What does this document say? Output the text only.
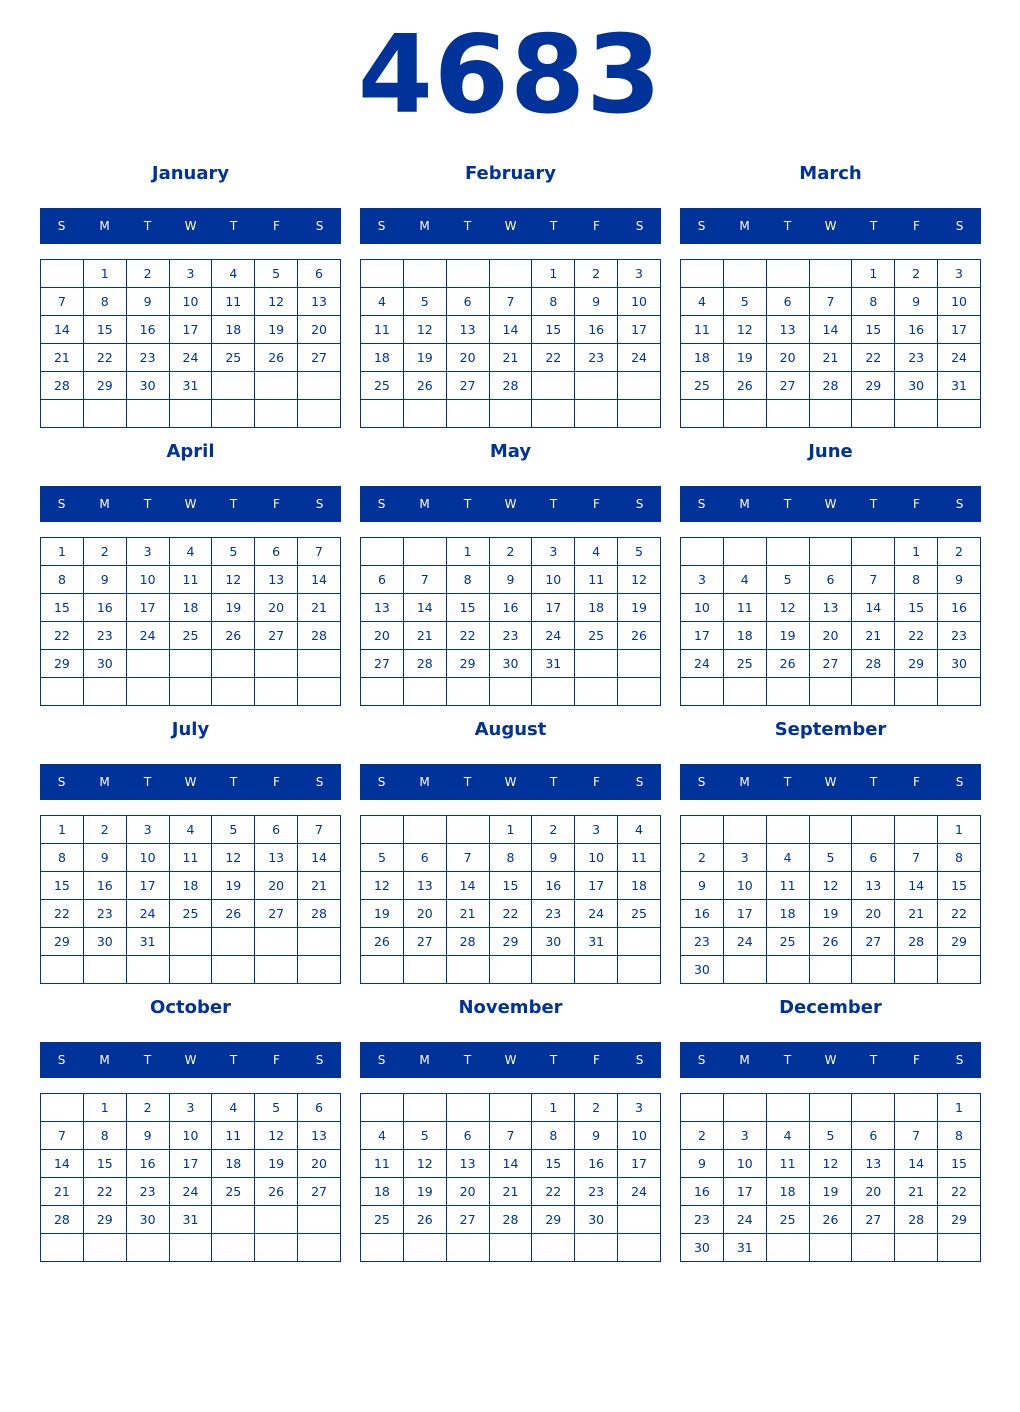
4683
January
S	M	T	W	T	F	S
	1	2	3	4	5	6
7	8	9	10	11	12	13
14	15	16	17	18	19	20
21	22	23	24	25	26	27
28	29	30	31			

February
S	M	T	W	T	F	S
				1	2	3
4	5	6	7	8	9	10
11	12	13	14	15	16	17
18	19	20	21	22	23	24
25	26	27	28			

March
S	M	T	W	T	F	S
				1	2	3
4	5	6	7	8	9	10
11	12	13	14	15	16	17
18	19	20	21	22	23	24
25	26	27	28	29	30	31

April
S	M	T	W	T	F	S
1	2	3	4	5	6	7
8	9	10	11	12	13	14
15	16	17	18	19	20	21
22	23	24	25	26	27	28
29	30					

May
S	M	T	W	T	F	S
		1	2	3	4	5
6	7	8	9	10	11	12
13	14	15	16	17	18	19
20	21	22	23	24	25	26
27	28	29	30	31		

June
S	M	T	W	T	F	S
					1	2
3	4	5	6	7	8	9
10	11	12	13	14	15	16
17	18	19	20	21	22	23
24	25	26	27	28	29	30

July
S	M	T	W	T	F	S
1	2	3	4	5	6	7
8	9	10	11	12	13	14
15	16	17	18	19	20	21
22	23	24	25	26	27	28
29	30	31				

August
S	M	T	W	T	F	S
			1	2	3	4
5	6	7	8	9	10	11
12	13	14	15	16	17	18
19	20	21	22	23	24	25
26	27	28	29	30	31	

September
S	M	T	W	T	F	S
						1
2	3	4	5	6	7	8
9	10	11	12	13	14	15
16	17	18	19	20	21	22
23	24	25	26	27	28	29
30						
October
S	M	T	W	T	F	S
	1	2	3	4	5	6
7	8	9	10	11	12	13
14	15	16	17	18	19	20
21	22	23	24	25	26	27
28	29	30	31			

November
S	M	T	W	T	F	S
				1	2	3
4	5	6	7	8	9	10
11	12	13	14	15	16	17
18	19	20	21	22	23	24
25	26	27	28	29	30	

December
S	M	T	W	T	F	S
						1
2	3	4	5	6	7	8
9	10	11	12	13	14	15
16	17	18	19	20	21	22
23	24	25	26	27	28	29
30	31					
